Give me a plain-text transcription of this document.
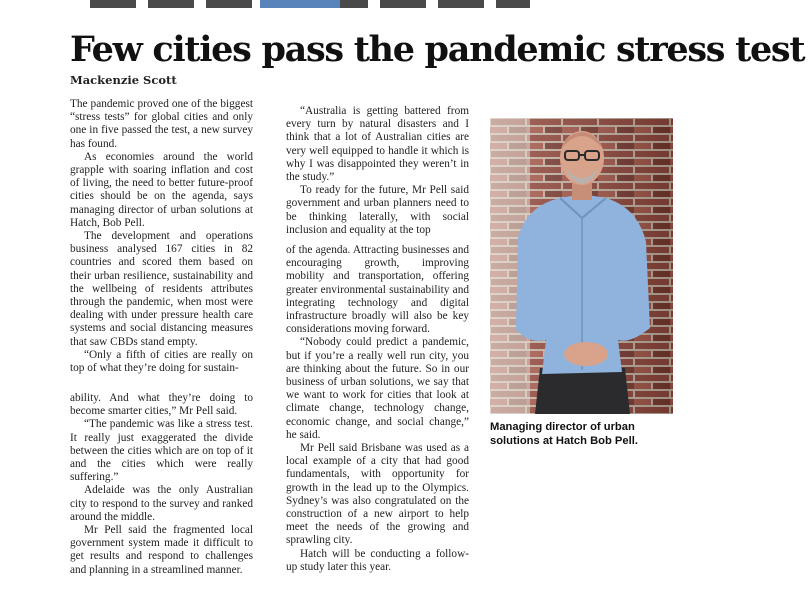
Few cities pass the pandemic stress test

Mackenzie Scott

The pandemic proved one of the biggest “stress tests” for global cities and only one in five passed the test, a new survey has found.

As economies around the world grapple with soaring inflation and cost of living, the need to better future-proof cities should be on the agenda, says managing director of urban solutions at Hatch, Bob Pell.

The development and operations business analysed 167 cities in 82 countries and scored them based on their urban resilience, sustainability and the wellbeing of residents attributes through the pandemic, when most were dealing with under pressure health care systems and social distancing measures that saw CBDs stand empty.

“Only a fifth of cities are really on top of what they’re doing for sustain-

ability. And what they’re doing to become smarter cities,” Mr Pell said.

“The pandemic was like a stress test. It really just exaggerated the divide between the cities which are on top of it and the cities which were really suffering.”

Adelaide was the only Australian city to respond to the survey and ranked around the middle.

Mr Pell said the fragmented local government system made it difficult to get results and respond to challenges and planning in a streamlined manner.

“Australia is getting battered from every turn by natural disasters and I think that a lot of Australian cities are very well equipped to handle it which is why I was disappointed they weren’t in the study.”

To ready for the future, Mr Pell said government and urban planners need to be thinking laterally, with social inclusion and equality at the top

of the agenda. Attracting businesses and encouraging growth, improving mobility and transportation, offering greater environmental sustainability and integrating technology and digital infrastructure broadly will also be key considerations moving forward.

“Nobody could predict a pandemic, but if you’re a really well run city, you are thinking about the future. So in our business of urban solutions, we say that we want to work for cities that look at climate change, technology change, economic change, and social change,” he said.

Mr Pell said Brisbane was used as a local example of a city that had good fundamentals, with opportunity for growth in the lead up to the Olympics. Sydney’s was also congratulated on the construction of a new airport to help meet the needs of the growing and sprawling city.

Hatch will be conducting a follow-up study later this year.

Managing director of urban solutions at Hatch Bob Pell.
